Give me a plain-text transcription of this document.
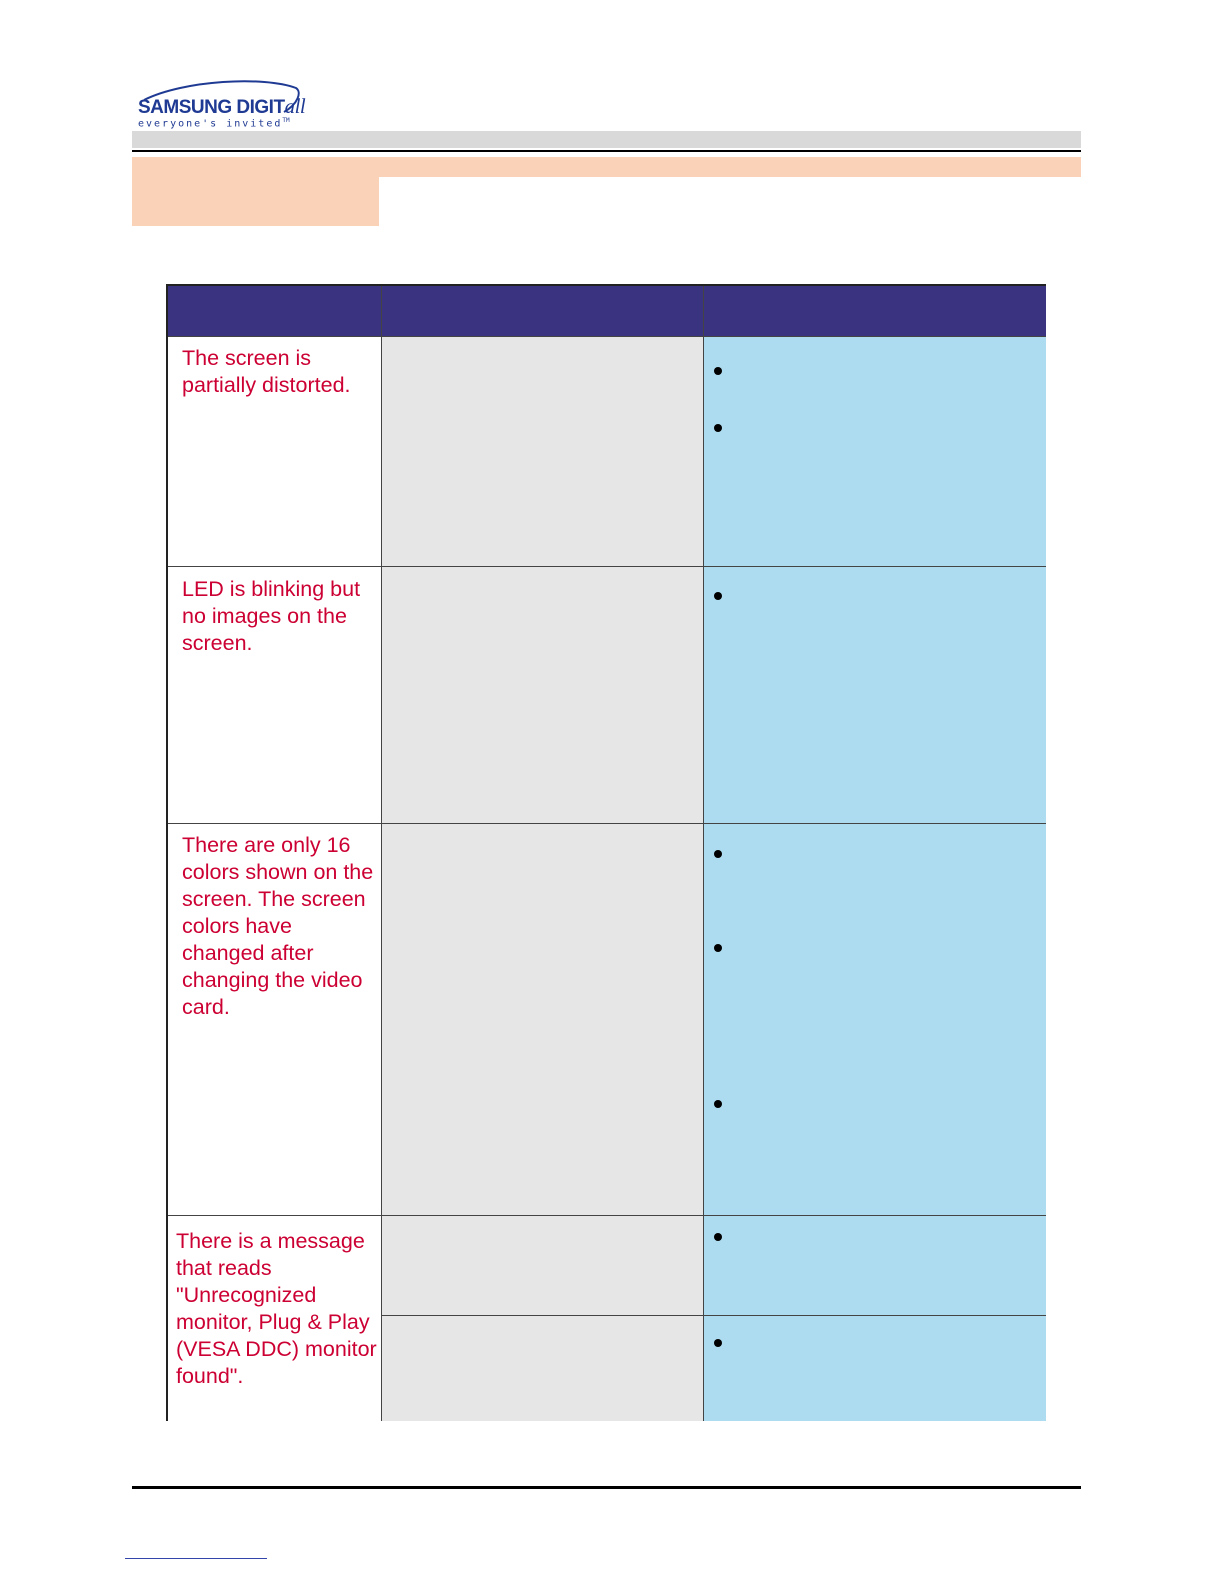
SAMSUNG DIGITall
everyone's invited™

The screen is partially distorted.

LED is blinking but no images on the screen.

There are only 16 colors shown on the screen. The screen colors have changed after changing the video card.

There is a message that reads "Unrecognized monitor, Plug & Play (VESA DDC) monitor found".
